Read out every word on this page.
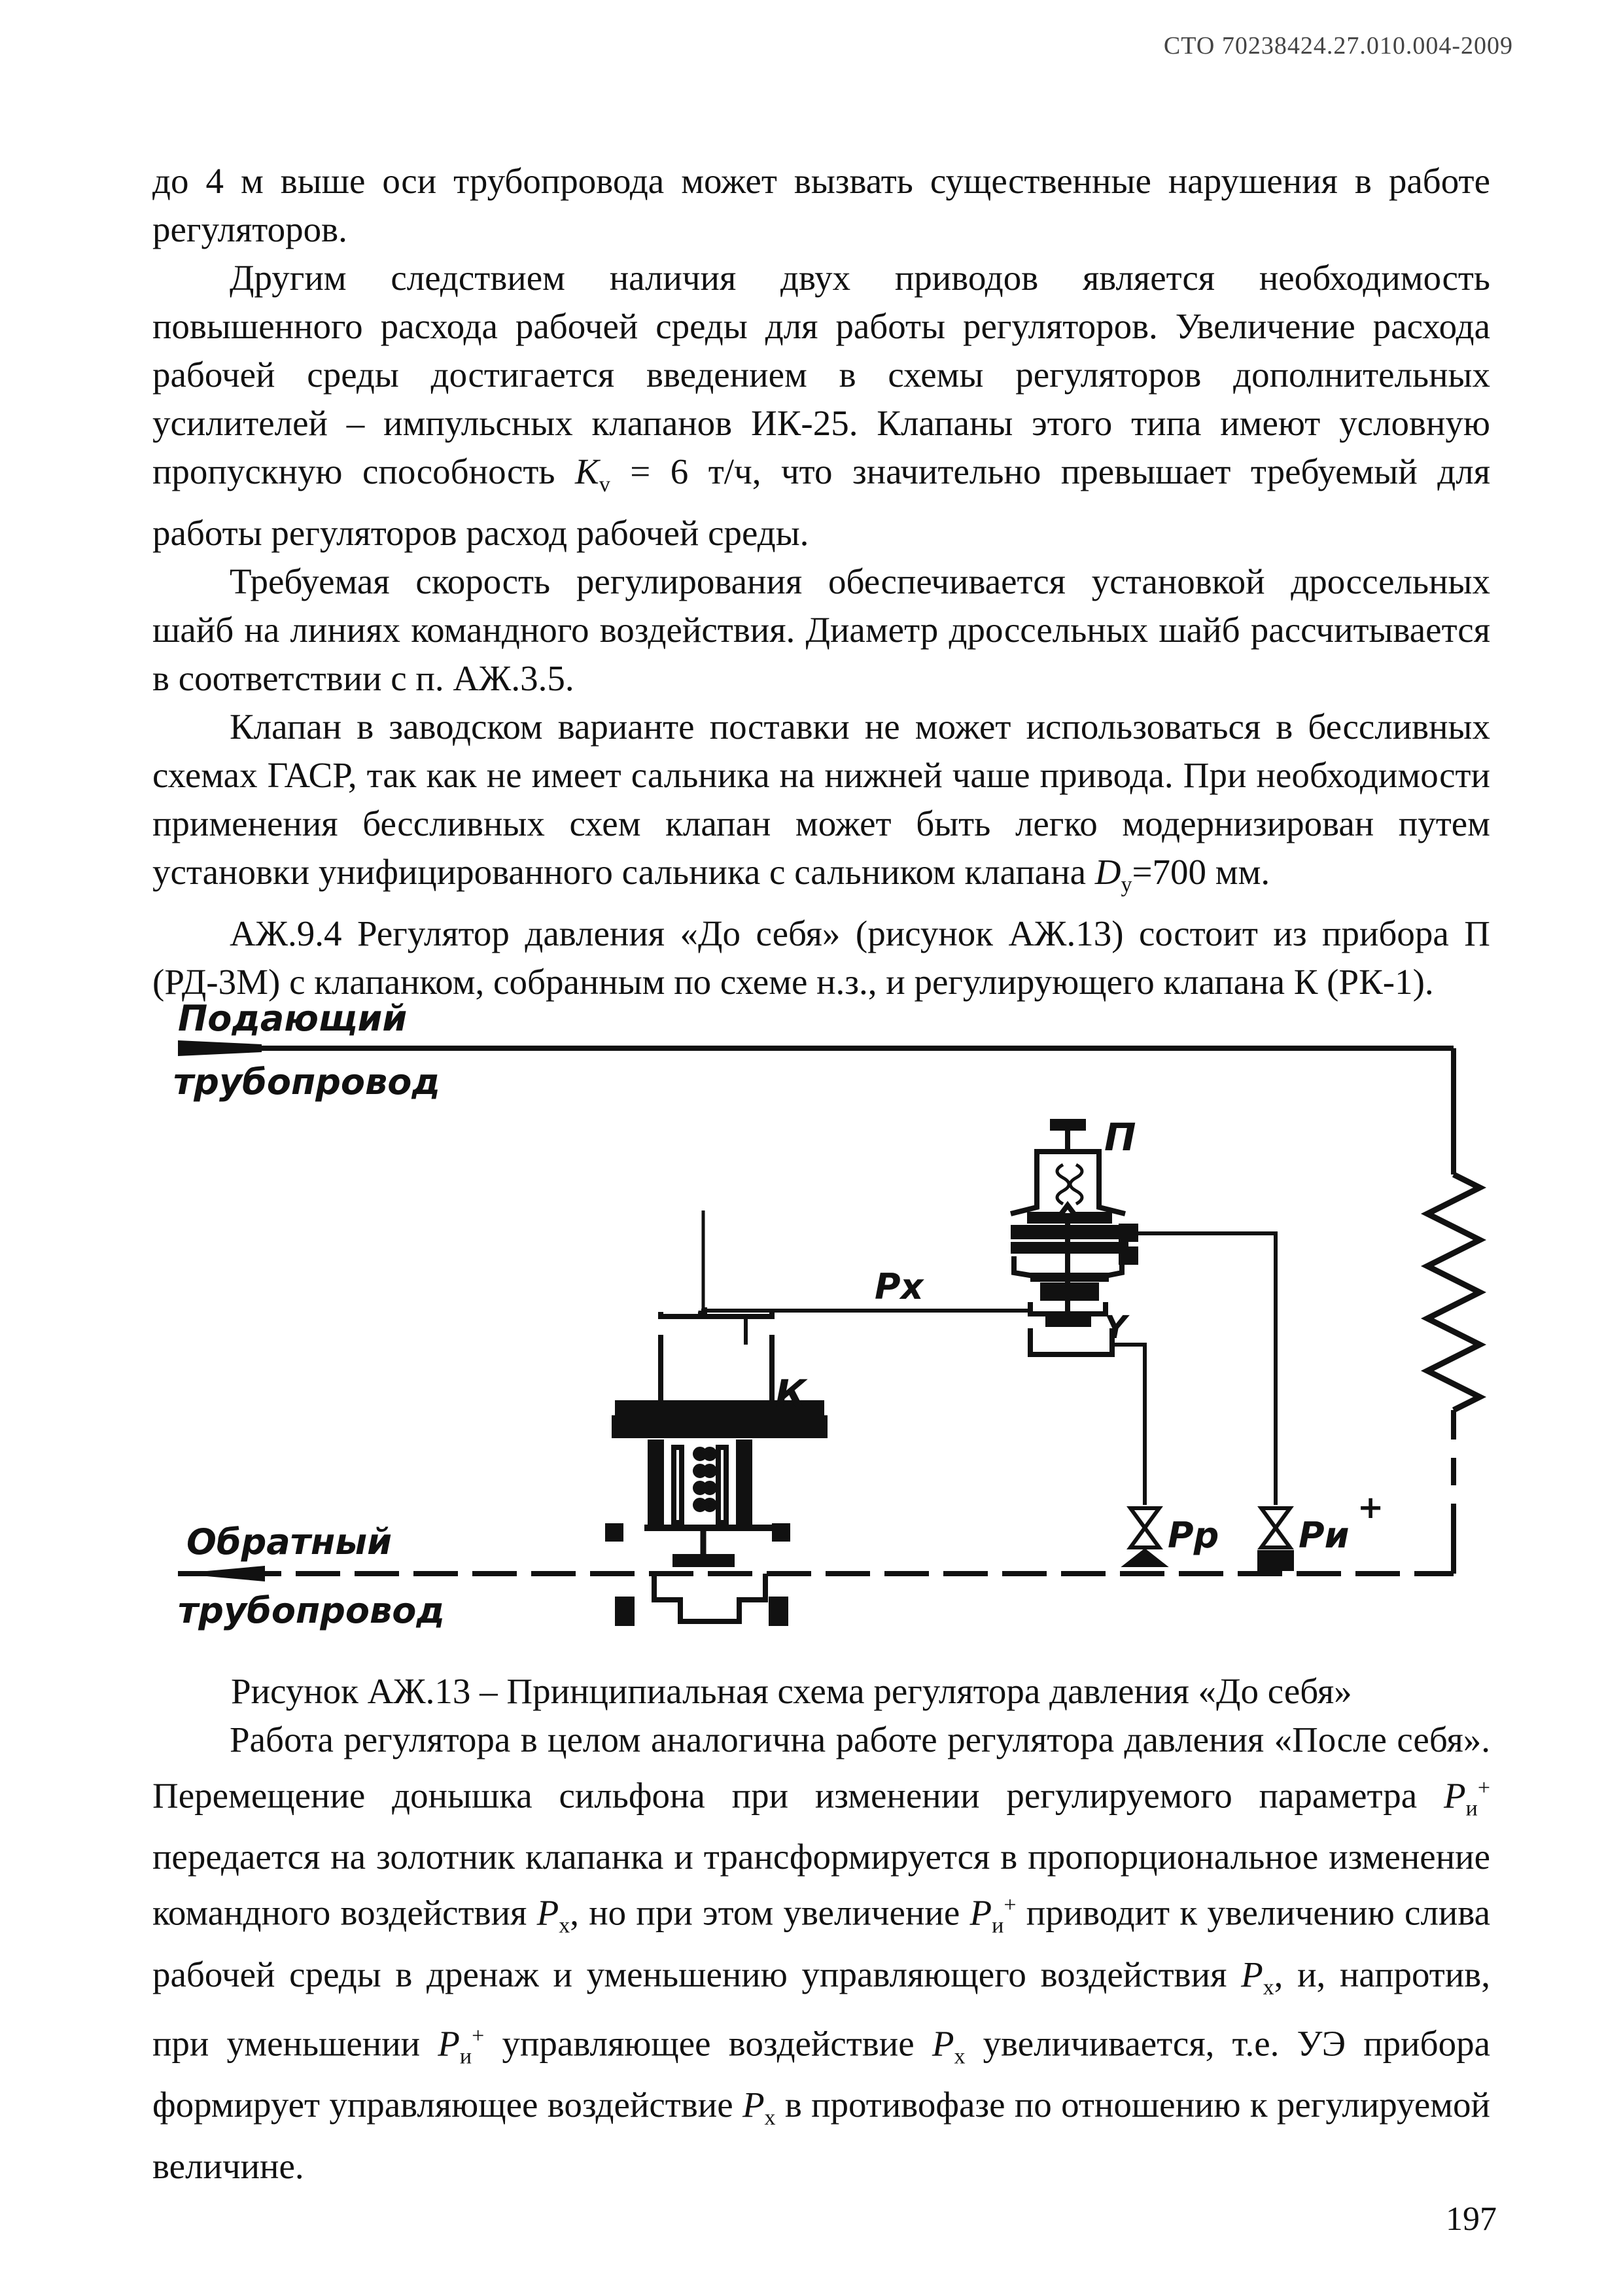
СТО 70238424.27.010.004-2009

до 4 м выше оси трубопровода может вызвать существенные нарушения в работе регуляторов.

Другим следствием наличия двух приводов является необходимость повышенного расхода рабочей среды для работы регуляторов. Увеличение расхода рабочей среды достигается введением в схемы регуляторов дополнительных усилителей – импульсных клапанов ИК-25. Клапаны этого типа имеют условную пропускную способность $K_v = 6$ т/ч, что значительно превышает требуемый для работы регуляторов расход рабочей среды.

Требуемая скорость регулирования обеспечивается установкой дроссельных шайб на линиях командного воздействия. Диаметр дроссельных шайб рассчитывается в соответствии с п. АЖ.3.5.

Клапан в заводском варианте поставки не может использоваться в бессливных схемах ГАСР, так как не имеет сальника на нижней чаше привода. При необходимости применения бессливных схем клапан может быть легко модернизирован путем установки унифицированного сальника с сальником клапана $D_y=700$ мм.

АЖ.9.4 Регулятор давления «До себя» (рисунок АЖ.13) состоит из прибора П (РД-3М) с клапанком, собранным по схеме н.з., и регулирующего клапана К (РК-1).

Подающий
трубопровод
Обратный
трубопровод
К
П
Y
Px
Pp Pи
+
Рисунок АЖ.13 – Принципиальная схема регулятора давления «До себя»

Работа регулятора в целом аналогична работе регулятора давления «После себя». Перемещение донышка сильфона при изменении регулируемого параметра $P_и^+$ передается на золотник клапанка и трансформируется в пропорциональное изменение командного воздействия $P_x$, но при этом увеличение $P_и^+$ приводит к увеличению слива рабочей среды в дренаж и уменьшению управляющего воздействия $P_x$, и, напротив, при уменьшении $P_и^+$ управляющее воздействие $P_x$ увеличивается, т.е. УЭ прибора формирует управляющее воздействие $P_x$ в противофазе по отношению к регулируемой величине.

197
